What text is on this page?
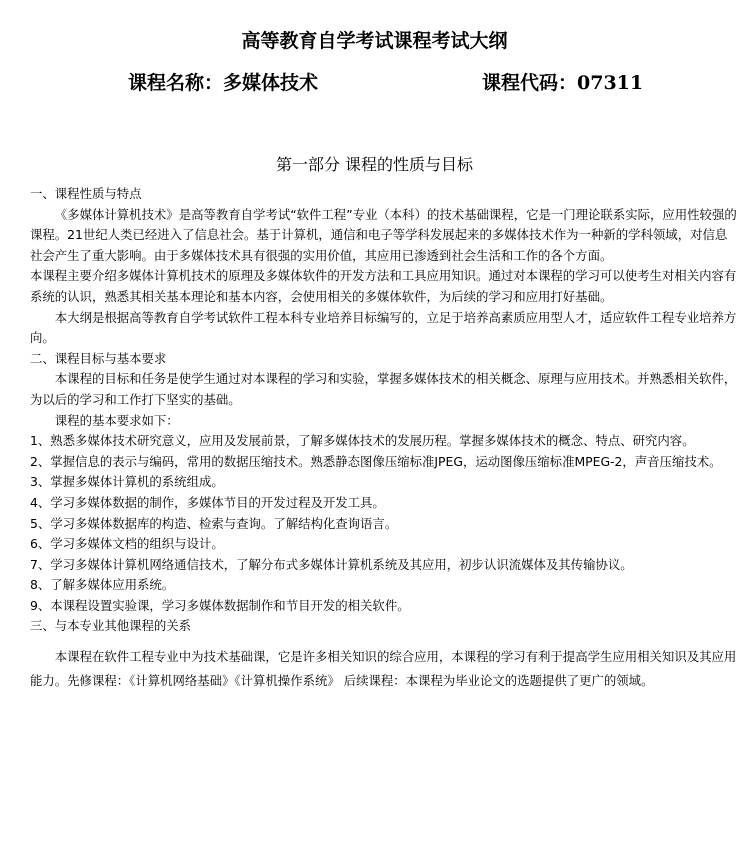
高等教育自学考试课程考试大纲
课程名称：多媒体技术	课程代码：07311
第一部分 课程的性质与目标

一、课程性质与特点

《多媒体计算机技术》是高等教育自学考试“软件工程”专业（本科）的技术基础课程，它是一门理论联系实际，应用性较强的课程。21世纪人类已经进入了信息社会。基于计算机，通信和电子等学科发展起来的多媒体技术作为一种新的学科领域，对信息社会产生了重大影响。由于多媒体技术具有很强的实用价值，其应用已渗透到社会生活和工作的各个方面。

本课程主要介绍多媒体计算机技术的原理及多媒体软件的开发方法和工具应用知识。通过对本课程的学习可以使考生对相关内容有系统的认识，熟悉其相关基本理论和基本内容，会使用相关的多媒体软件，为后续的学习和应用打好基础。

本大纲是根据高等教育自学考试软件工程本科专业培养目标编写的，立足于培养高素质应用型人才，适应软件工程专业培养方向。

二、课程目标与基本要求

本课程的目标和任务是使学生通过对本课程的学习和实验，掌握多媒体技术的相关概念、原理与应用技术。并熟悉相关软件，为以后的学习和工作打下坚实的基础。

课程的基本要求如下：

1、熟悉多媒体技术研究意义，应用及发展前景，了解多媒体技术的发展历程。掌握多媒体技术的概念、特点、研究内容。

2、掌握信息的表示与编码，常用的数据压缩技术。熟悉静态图像压缩标准JPEG，运动图像压缩标准MPEG-2，声音压缩技术。

3、掌握多媒体计算机的系统组成。

4、学习多媒体数据的制作，多媒体节目的开发过程及开发工具。

5、学习多媒体数据库的构造、检索与查询。了解结构化查询语言。

6、学习多媒体文档的组织与设计。

7、学习多媒体计算机网络通信技术，了解分布式多媒体计算机系统及其应用，初步认识流媒体及其传输协议。

8、了解多媒体应用系统。

9、本课程设置实验课，学习多媒体数据制作和节目开发的相关软件。

三、与本专业其他课程的关系

本课程在软件工程专业中为技术基础课，它是许多相关知识的综合应用，本课程的学习有利于提高学生应用相关知识及其应用能力。先修课程：《计算机网络基础》《计算机操作系统》 后续课程：本课程为毕业论文的选题提供了更广的领域。
